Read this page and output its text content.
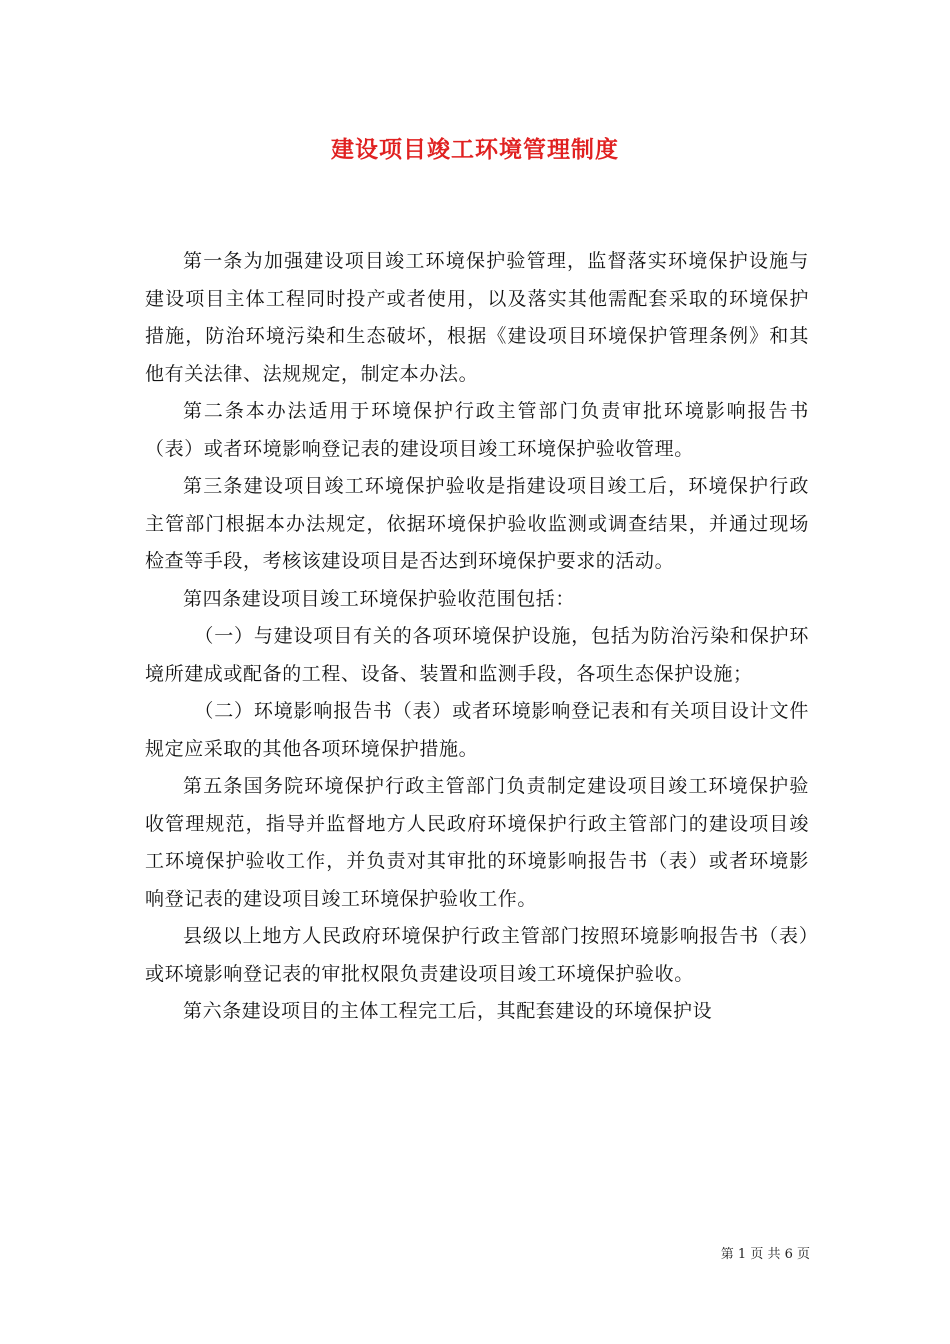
建设项目竣工环境管理制度

第一条为加强建设项目竣工环境保护验管理，监督落实环境保护设施与建设项目主体工程同时投产或者使用，以及落实其他需配套采取的环境保护措施，防治环境污染和生态破坏，根据《建设项目环境保护管理条例》和其他有关法律、法规规定，制定本办法。

第二条本办法适用于环境保护行政主管部门负责审批环境影响报告书（表）或者环境影响登记表的建设项目竣工环境保护验收管理。

第三条建设项目竣工环境保护验收是指建设项目竣工后，环境保护行政主管部门根据本办法规定，依据环境保护验收监测或调查结果，并通过现场检查等手段，考核该建设项目是否达到环境保护要求的活动。

第四条建设项目竣工环境保护验收范围包括：

（一）与建设项目有关的各项环境保护设施，包括为防治污染和保护环境所建成或配备的工程、设备、装置和监测手段，各项生态保护设施；

（二）环境影响报告书（表）或者环境影响登记表和有关项目设计文件规定应采取的其他各项环境保护措施。

第五条国务院环境保护行政主管部门负责制定建设项目竣工环境保护验收管理规范，指导并监督地方人民政府环境保护行政主管部门的建设项目竣工环境保护验收工作，并负责对其审批的环境影响报告书（表）或者环境影响登记表的建设项目竣工环境保护验收工作。

县级以上地方人民政府环境保护行政主管部门按照环境影响报告书（表）或环境影响登记表的审批权限负责建设项目竣工环境保护验收。

第六条建设项目的主体工程完工后，其配套建设的环境保护设

第 1 页 共 6 页
